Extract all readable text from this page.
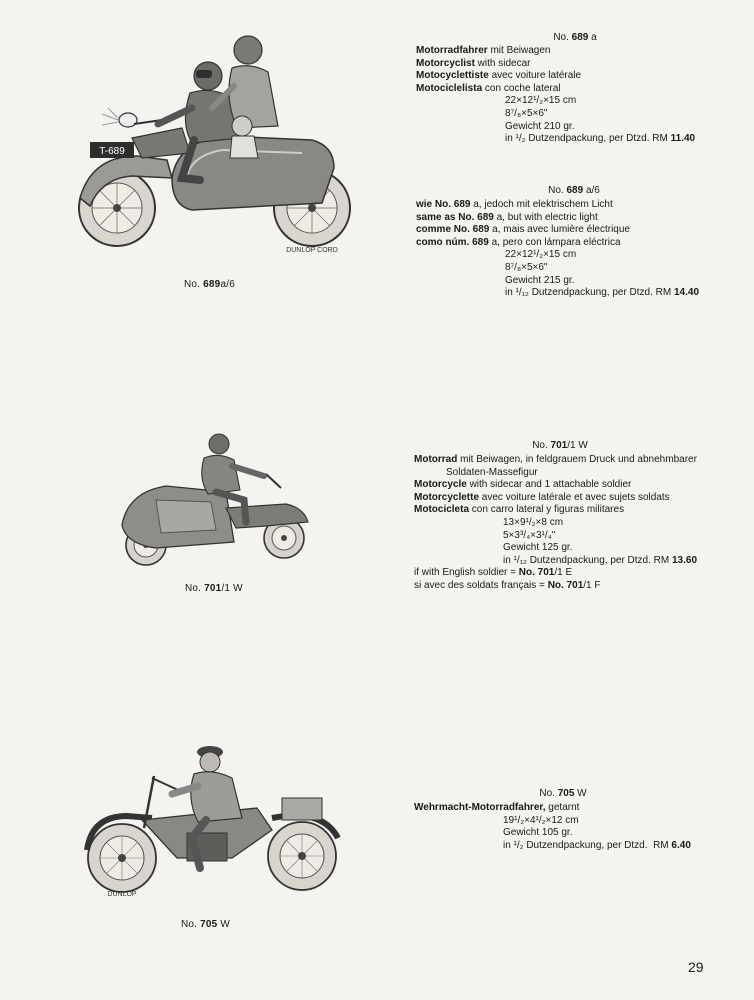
T-689
DUNLOP CORD
No. 689a/6
No. 689 a
Motorradfahrer mit Beiwagen
Motorcyclist with sidecar
Motocyclettiste avec voiture latérale
Motociclelista con coche lateral
22×12¹/₂×15 cm
8⁷/₈×5×6"
Gewicht 210 gr.
in ¹/₂ Dutzendpackung, per Dtzd. RM 11.40
No. 689 a/6
wie No. 689 a, jedoch mit elektrischem Licht
same as No. 689 a, but with electric light
comme No. 689 a, mais avec lumière électrique
como núm. 689 a, pero con lámpara eléctrica
22×12¹/₂×15 cm
8⁷/₈×5×6"
Gewicht 215 gr.
in ¹/₁₂ Dutzendpackung, per Dtzd. RM 14.40
No. 701/1 W
No. 701/1 W
Motorrad mit Beiwagen, in feldgrauem Druck und abnehmbarer
Soldaten-Massefigur
Motorcycle with sidecar and 1 attachable soldier
Motorcyclette avec voiture latérale et avec sujets soldats
Motocicleta con carro lateral y figuras militares
13×9¹/₂×8 cm
5×3³/₄×3¹/₄"
Gewicht 125 gr.
in ¹/₁₂ Dutzendpackung, per Dtzd. RM 13.60
if with English soldier = No. 701/1 E
si avec des soldats français = No. 701/1 F
DUNLOP
No. 705 W
No. 705 W
Wehrmacht-Motorradfahrer, getarnt
19¹/₂×4¹/₂×12 cm
Gewicht 105 gr.
in ¹/₂ Dutzendpackung, per Dtzd. RM 6.40
29
